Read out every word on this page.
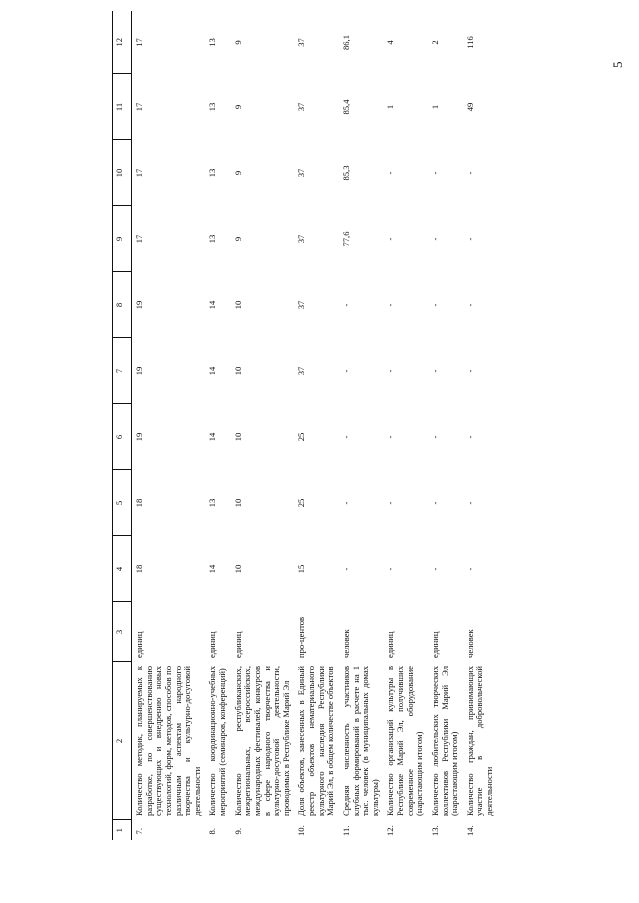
5
1	2	3	4	5	6	7	8	9	10	11	12
7.	Количество методик, планируемых к разработке, по совершенствованию существующих и внедрению новых технологий, форм, методов, способов по различным аспектам народного творчества и культурно-досуговой деятельности	единиц	18	18	19	19	19	17	17	17	17
8.	Количество координационно-учебных мероприятий (семинаров, конференций)	единиц	14	13	14	14	14	13	13	13	13
9.	Количество республиканских, межрегиональных, всероссийских, международных фестивалей, конкурсов в сфере народного творчества и культурно-досуговой деятельности, проводимых в Республике Марий Эл	единиц	10	10	10	10	10	9	9	9	9
10.	Доля объектов, занесенных в Единый реестр объектов нематериального культурного наследия Республики Марий Эл, в общем количестве объектов	про-центов	15	25	25	37	37	37	37	37	37
11.	Средняя численность участников клубных формирований в расчете на 1 тыс. человек (в муниципальных домах культуры)	человек	-	-	-	-	-	77,6	85,3	85,4	86,1
12.	Количество организаций культуры в Республике Марий Эл, получивших современное оборудование (нарастающим итогом)	единиц	-	-	-	-	-	-	-	1	4
13.	Количество любительских творческих коллективов Республики Марий Эл (нарастающим итогом)	единиц	-	-	-	-	-	-	-	1	2
14.	Количество граждан, принимающих участие в добровольческой деятельности	человек	-	-	-	-	-	-	-	49	116
